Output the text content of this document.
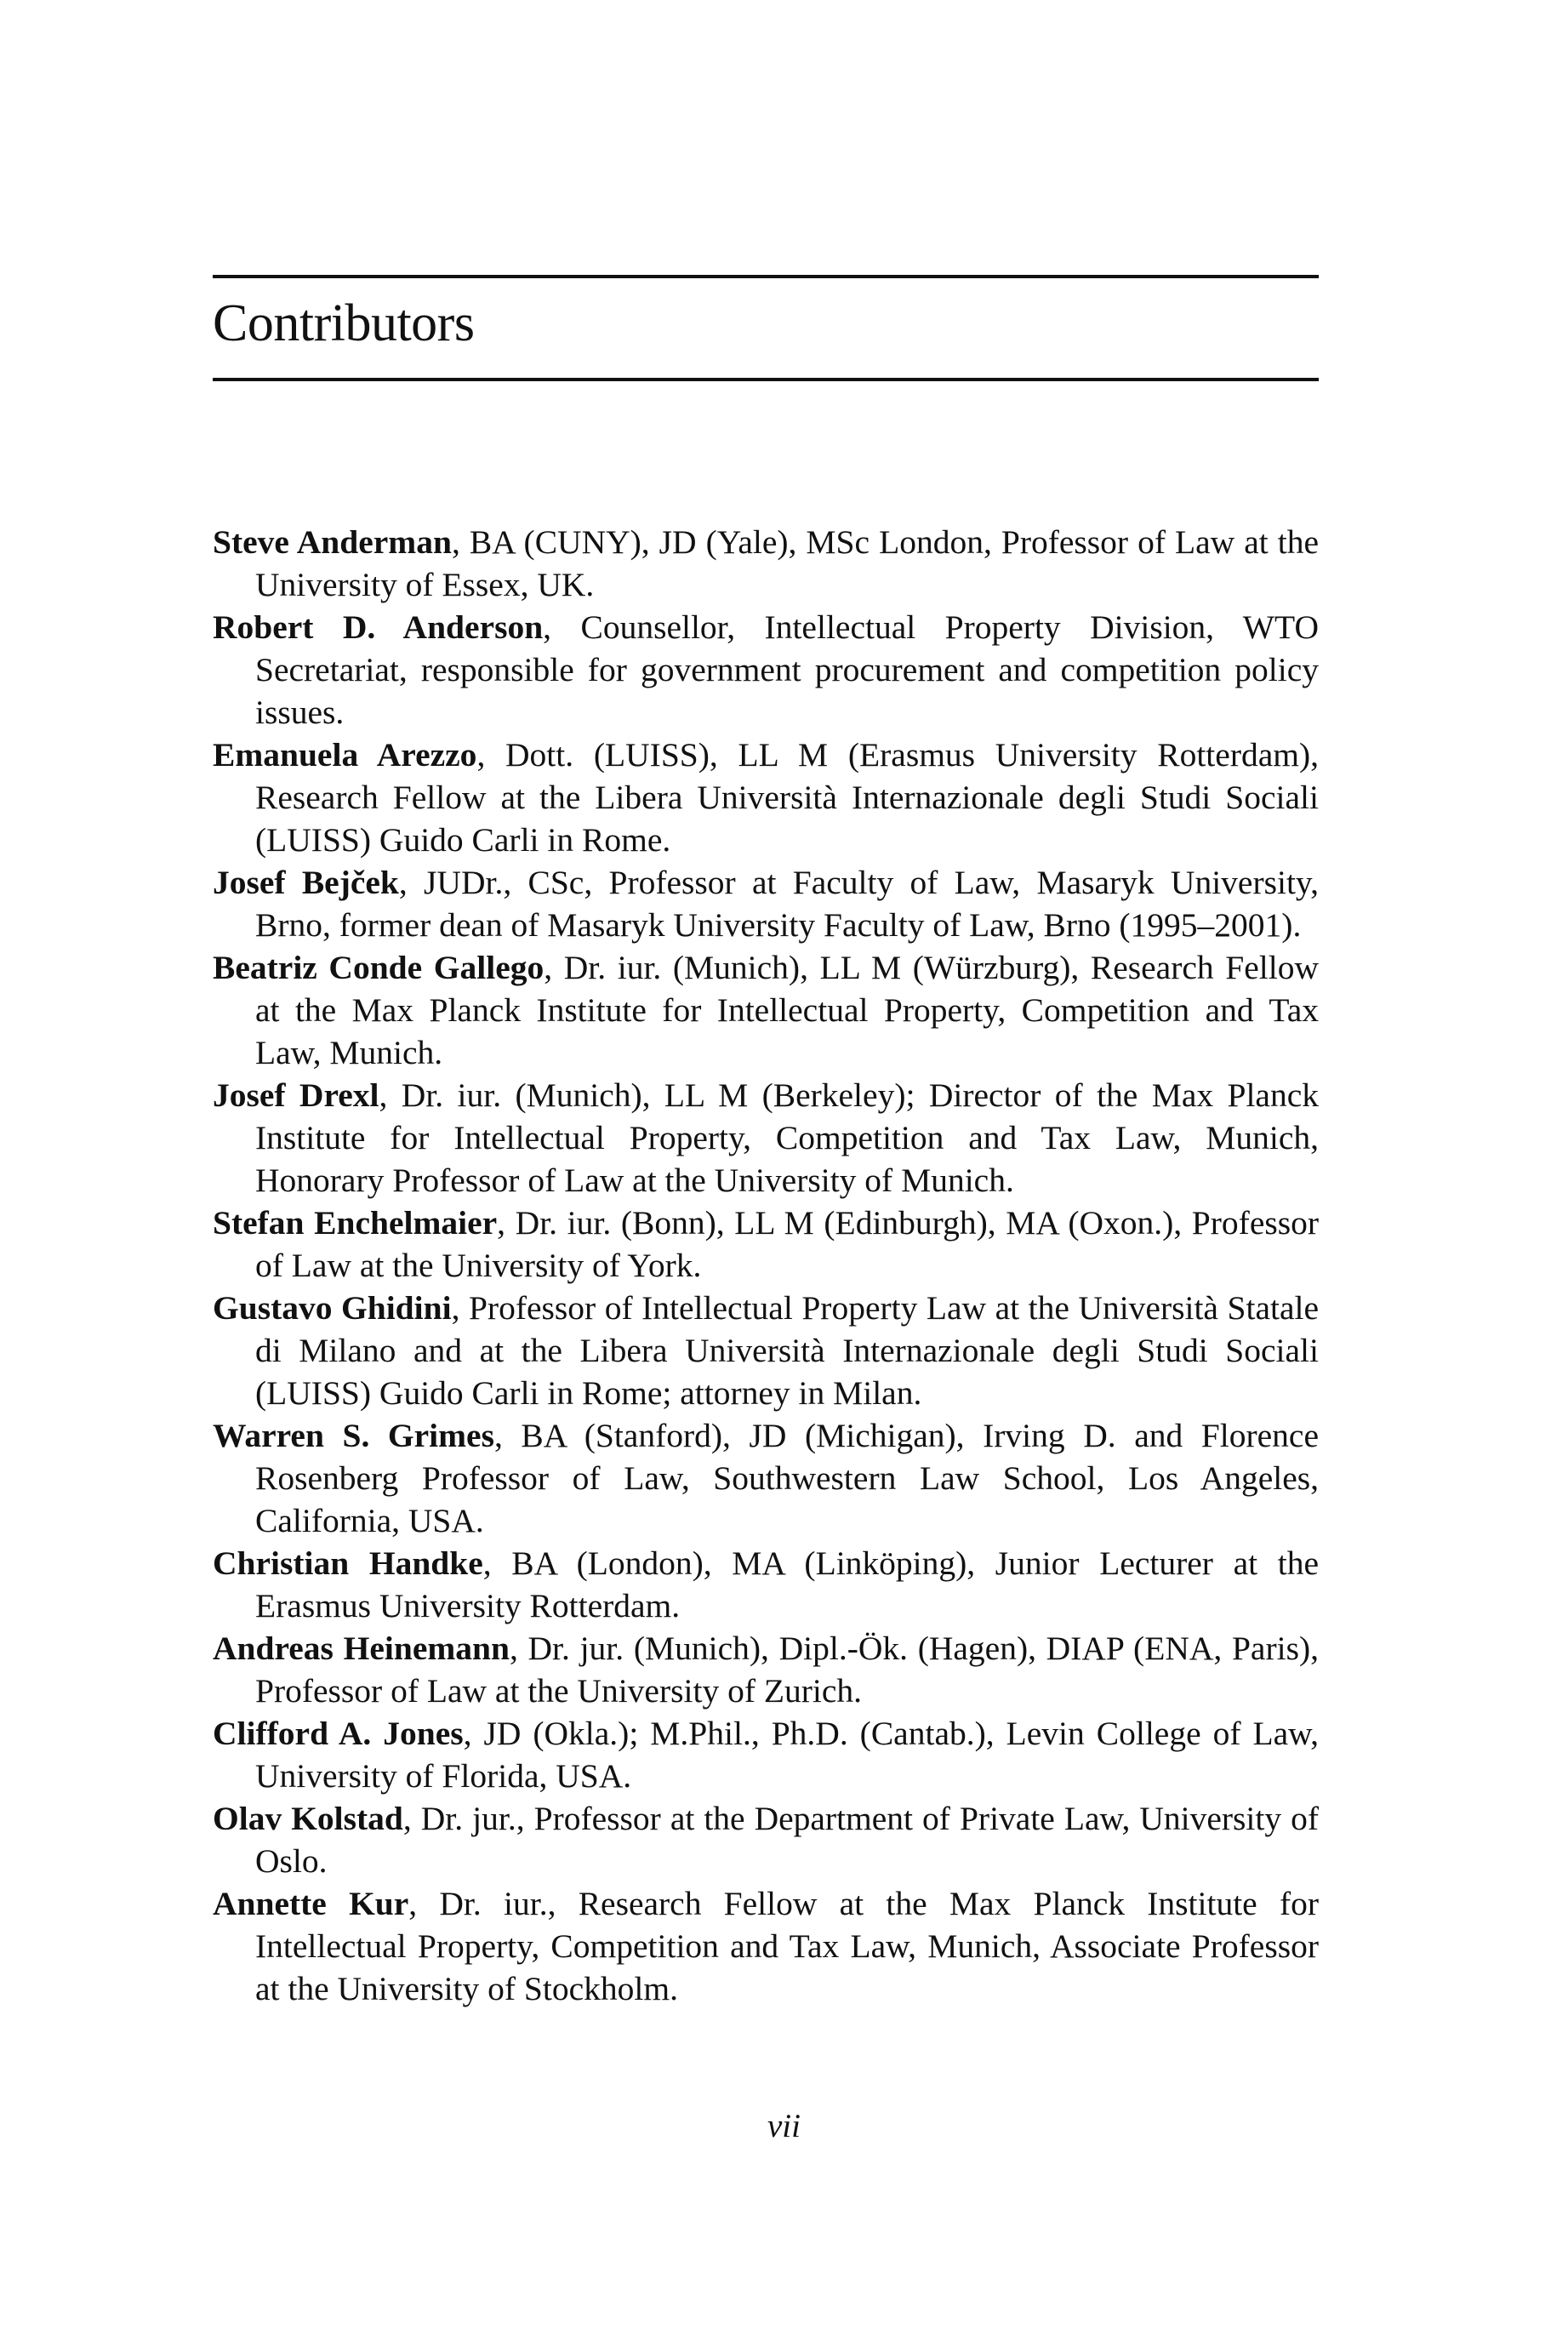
Contributors
Steve Anderman, BA (CUNY), JD (Yale), MSc London, Professor of Law at the University of Essex, UK.
Robert D. Anderson, Counsellor, Intellectual Property Division, WTO Secretariat, responsible for government procurement and competition policy issues.
Emanuela Arezzo, Dott. (LUISS), LL M (Erasmus University Rotterdam), Research Fellow at the Libera Università Internazionale degli Studi Sociali (LUISS) Guido Carli in Rome.
Josef Bejček, JUDr., CSc, Professor at Faculty of Law, Masaryk University, Brno, former dean of Masaryk University Faculty of Law, Brno (1995–2001).
Beatriz Conde Gallego, Dr. iur. (Munich), LL M (Würzburg), Research Fellow at the Max Planck Institute for Intellectual Property, Competition and Tax Law, Munich.
Josef Drexl, Dr. iur. (Munich), LL M (Berkeley); Director of the Max Planck Institute for Intellectual Property, Competition and Tax Law, Munich, Honorary Professor of Law at the University of Munich.
Stefan Enchelmaier, Dr. iur. (Bonn), LL M (Edinburgh), MA (Oxon.), Professor of Law at the University of York.
Gustavo Ghidini, Professor of Intellectual Property Law at the Università Statale di Milano and at the Libera Università Internazionale degli Studi Sociali (LUISS) Guido Carli in Rome; attorney in Milan.
Warren S. Grimes, BA (Stanford), JD (Michigan), Irving D. and Florence Rosenberg Professor of Law, Southwestern Law School, Los Angeles, California, USA.
Christian Handke, BA (London), MA (Linköping), Junior Lecturer at the Erasmus University Rotterdam.
Andreas Heinemann, Dr. jur. (Munich), Dipl.-Ök. (Hagen), DIAP (ENA, Paris), Professor of Law at the University of Zurich.
Clifford A. Jones, JD (Okla.); M.Phil., Ph.D. (Cantab.), Levin College of Law, University of Florida, USA.
Olav Kolstad, Dr. jur., Professor at the Department of Private Law, University of Oslo.
Annette Kur, Dr. iur., Research Fellow at the Max Planck Institute for Intellectual Property, Competition and Tax Law, Munich, Associate Professor at the University of Stockholm.
vii
